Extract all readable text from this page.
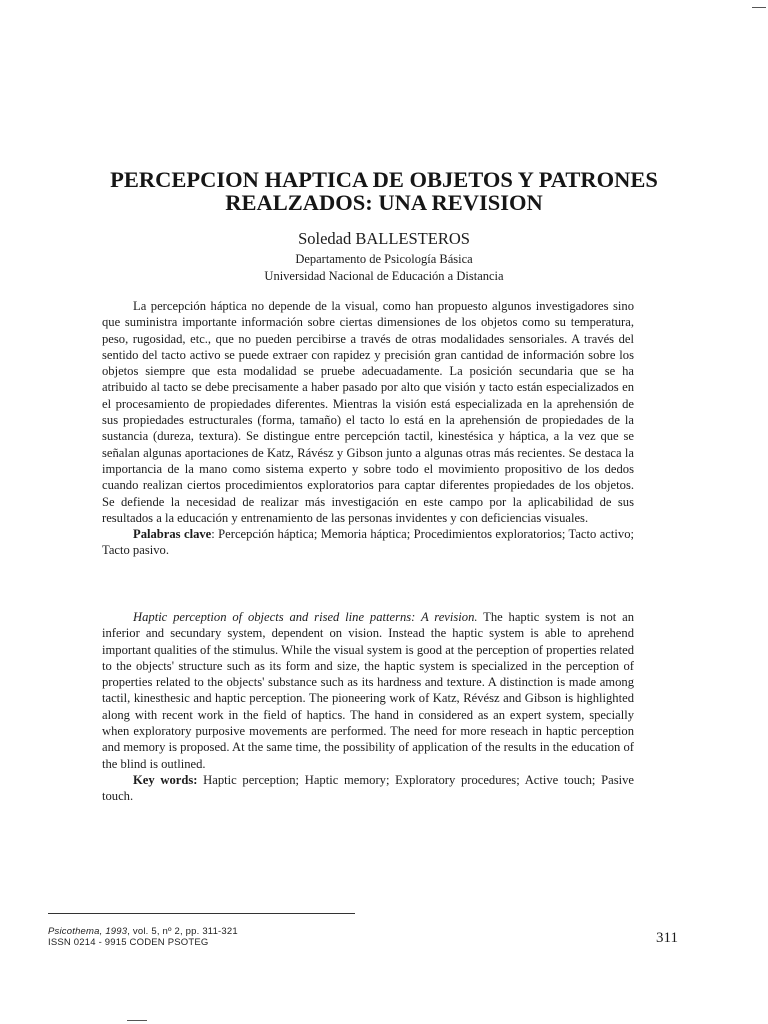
PERCEPCION HAPTICA DE OBJETOS Y PATRONES
REALZADOS: UNA REVISION
Soledad BALLESTEROS
Departamento de Psicología Básica
Universidad Nacional de Educación a Distancia

La percepción háptica no depende de la visual, como han propuesto algunos investigadores sino que suministra importante información sobre ciertas dimensiones de los objetos como su temperatura, peso, rugosidad, etc., que no pueden percibirse a través de otras modalidades sensoriales. A través del sentido del tacto activo se puede extraer con rapidez y precisión gran cantidad de información sobre los objetos siempre que esta modalidad se pruebe adecuadamente. La posición secundaria que se ha atribuido al tacto se debe precisamente a haber pasado por alto que visión y tacto están especializados en el procesamiento de propiedades diferentes. Mientras la visión está especializada en la aprehensión de sus propiedades estructurales (forma, tamaño) el tacto lo está en la aprehensión de propiedades de la sustancia (dureza, textura). Se distingue entre percepción tactil, kinestésica y háptica, a la vez que se señalan algunas aportaciones de Katz, Rávész y Gibson junto a algunas otras más recientes. Se destaca la importancia de la mano como sistema experto y sobre todo el movimiento propositivo de los dedos cuando realizan ciertos procedimientos exploratorios para captar diferentes propiedades de los objetos. Se defiende la necesidad de realizar más investigación en este campo por la aplicabilidad de sus resultados a la educación y entrenamiento de las personas invidentes y con deficiencias visuales.

Palabras clave: Percepción háptica; Memoria háptica; Procedimientos exploratorios; Tacto activo; Tacto pasivo.

Haptic perception of objects and rised line patterns: A revision. The haptic system is not an inferior and secundary system, dependent on vision. Instead the haptic system is able to aprehend important qualities of the stimulus. While the visual system is good at the perception of properties related to the objects' structure such as its form and size, the haptic system is specialized in the perception of properties related to the objects' substance such as its hardness and texture. A distinction is made among tactil, kinesthesic and haptic perception. The pioneering work of Katz, Révész and Gibson is highlighted along with recent work in the field of haptics. The hand in considered as an expert system, specially when exploratory purposive movements are performed. The need for more reseach in haptic perception and memory is proposed. At the same time, the possibility of application of the results in the education of the blind is outlined.

Key words: Haptic perception; Haptic memory; Exploratory procedures; Active touch; Pasive touch.

Psicothema, 1993, vol. 5, nº 2, pp. 311-321
ISSN 0214 - 9915 CODEN PSOTEG	311
